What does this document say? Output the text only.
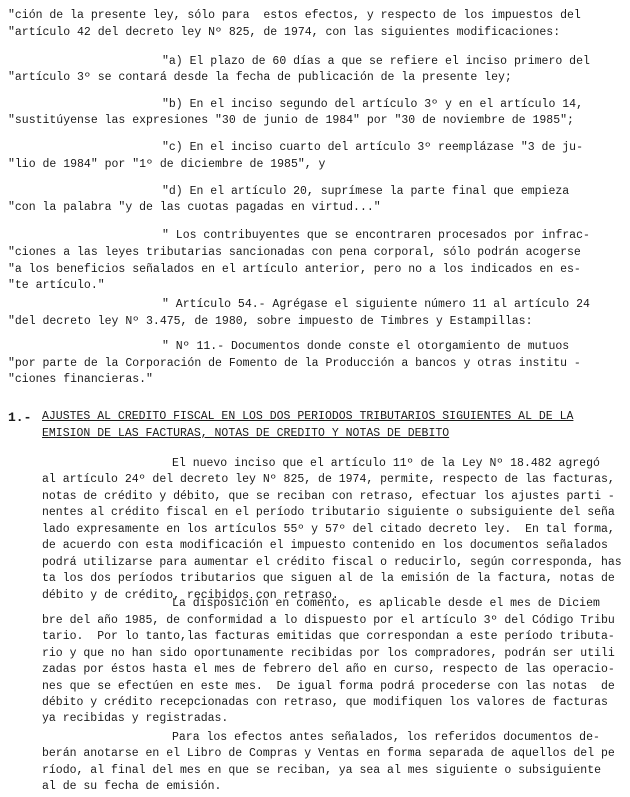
"ción de la presente ley, sólo para  estos efectos, y respecto de los impuestos del
"artículo 42 del decreto ley Nº 825, de 1974, con las siguientes modificaciones:
"a) El plazo de 60 días a que se refiere el inciso primero del
"artículo 3º se contará desde la fecha de publicación de la presente ley;
"b) En el inciso segundo del artículo 3º y en el artículo 14,
"sustitúyense las expresiones "30 de junio de 1984" por "30 de noviembre de 1985";
"c) En el inciso cuarto del artículo 3º reemplázase "3 de ju-
"lio de 1984" por "1º de diciembre de 1985", y
"d) En el artículo 20, suprímese la parte final que empieza
"con la palabra "y de las cuotas pagadas en virtud..."
" Los contribuyentes que se encontraren procesados por infrac-
"ciones a las leyes tributarias sancionadas con pena corporal, sólo podrán acogerse
"a los beneficios señalados en el artículo anterior, pero no a los indicados en es-
"te artículo."
" Artículo 54.- Agrégase el siguiente número 11 al artículo 24
"del decreto ley Nº 3.475, de 1980, sobre impuesto de Timbres y Estampillas:
" Nº 11.- Documentos donde conste el otorgamiento de mutuos
"por parte de la Corporación de Fomento de la Producción a bancos y otras institu -
"ciones financieras."
1.- AJUSTES AL CREDITO FISCAL EN LOS DOS PERIODOS TRIBUTARIOS SIGUIENTES AL DE LA
EMISION DE LAS FACTURAS, NOTAS DE CREDITO Y NOTAS DE DEBITO
El nuevo inciso que el artículo 11º de la Ley Nº 18.482 agregó
al artículo 24º del decreto ley Nº 825, de 1974, permite, respecto de las facturas,
notas de crédito y débito, que se reciban con retraso, efectuar los ajustes parti -
nentes al crédito fiscal en el período tributario siguiente o subsiguiente del seña
lado expresamente en los artículos 55º y 57º del citado decreto ley.  En tal forma,
de acuerdo con esta modificación el impuesto contenido en los documentos señalados
podrá utilizarse para aumentar el crédito fiscal o reducirlo, según corresponda, has
ta los dos períodos tributarios que siguen al de la emisión de la factura, notas de
débito y de crédito, recibidos con retraso.
La disposición en comento, es aplicable desde el mes de Diciem
bre del año 1985, de conformidad a lo dispuesto por el artículo 3º del Código Tribu
tario.  Por lo tanto,las facturas emitidas que correspondan a este período tributa-
rio y que no han sido oportunamente recibidas por los compradores, podrán ser utili
zadas por éstos hasta el mes de febrero del año en curso, respecto de las operacio-
nes que se efectúen en este mes.  De igual forma podrá procederse con las notas  de
débito y crédito recepcionadas con retraso, que modifiquen los valores de facturas
ya recibidas y registradas.
Para los efectos antes señalados, los referidos documentos de-
berán anotarse en el Libro de Compras y Ventas en forma separada de aquellos del pe
ríodo, al final del mes en que se reciban, ya sea al mes siguiente o subsiguiente
al de su fecha de emisión.
